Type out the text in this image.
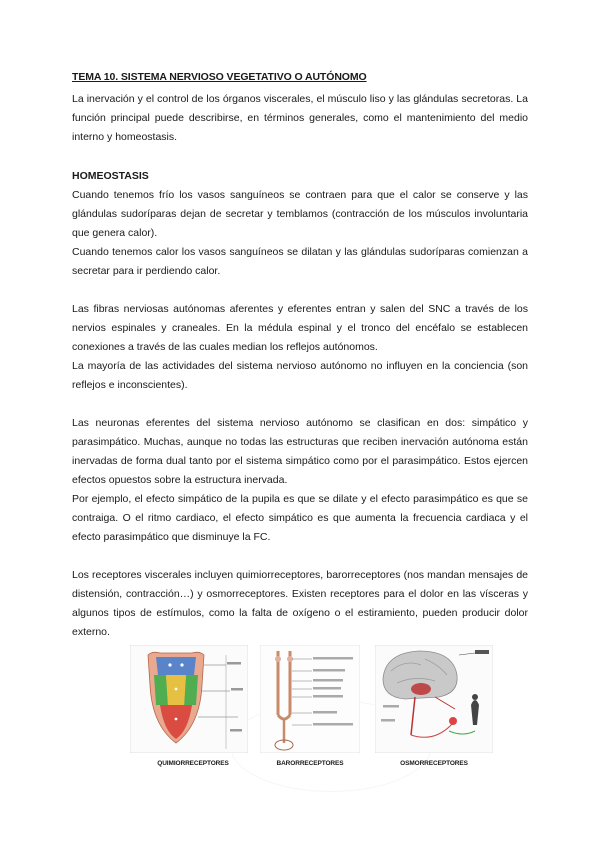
TEMA 10. SISTEMA NERVIOSO VEGETATIVO O AUTÓNOMO

La inervación y el control de los órganos viscerales, el músculo liso y las glándulas secretoras. La función principal puede describirse, en términos generales, como el mantenimiento del medio interno y homeostasis.

HOMEOSTASIS

Cuando tenemos frío los vasos sanguíneos se contraen para que el calor se conserve y las glándulas sudoríparas dejan de secretar y temblamos (contracción de los músculos involuntaria que genera calor).

Cuando tenemos calor los vasos sanguíneos se dilatan y las glándulas sudoríparas comienzan a secretar para ir perdiendo calor.

Las fibras nerviosas autónomas aferentes y eferentes entran y salen del SNC a través de los nervios espinales y craneales. En la médula espinal y el tronco del encéfalo se establecen conexiones a través de las cuales median los reflejos autónomos.

La mayoría de las actividades del sistema nervioso autónomo no influyen en la conciencia (son reflejos e inconscientes).

Las neuronas eferentes del sistema nervioso autónomo se clasifican en dos: simpático y parasimpático. Muchas, aunque no todas las estructuras que reciben inervación autónoma están inervadas de forma dual tanto por el sistema simpático como por el parasimpático. Estos ejercen efectos opuestos sobre la estructura inervada.

Por ejemplo, el efecto simpático de la pupila es que se dilate y el efecto parasimpático es que se contraiga. O el ritmo cardiaco, el efecto simpático es que aumenta la frecuencia cardiaca y el efecto parasimpático que disminuye la FC.

Los receptores viscerales incluyen quimiorreceptores, barorreceptores (nos mandan mensajes de distensión, contracción…) y osmorreceptores. Existen receptores para el dolor en las vísceras y algunos tipos de estímulos, como la falta de oxígeno o el estiramiento, pueden producir dolor externo.

QUIMIORRECEPTORES	BARORRECEPTORES	OSMORRECEPTORES
